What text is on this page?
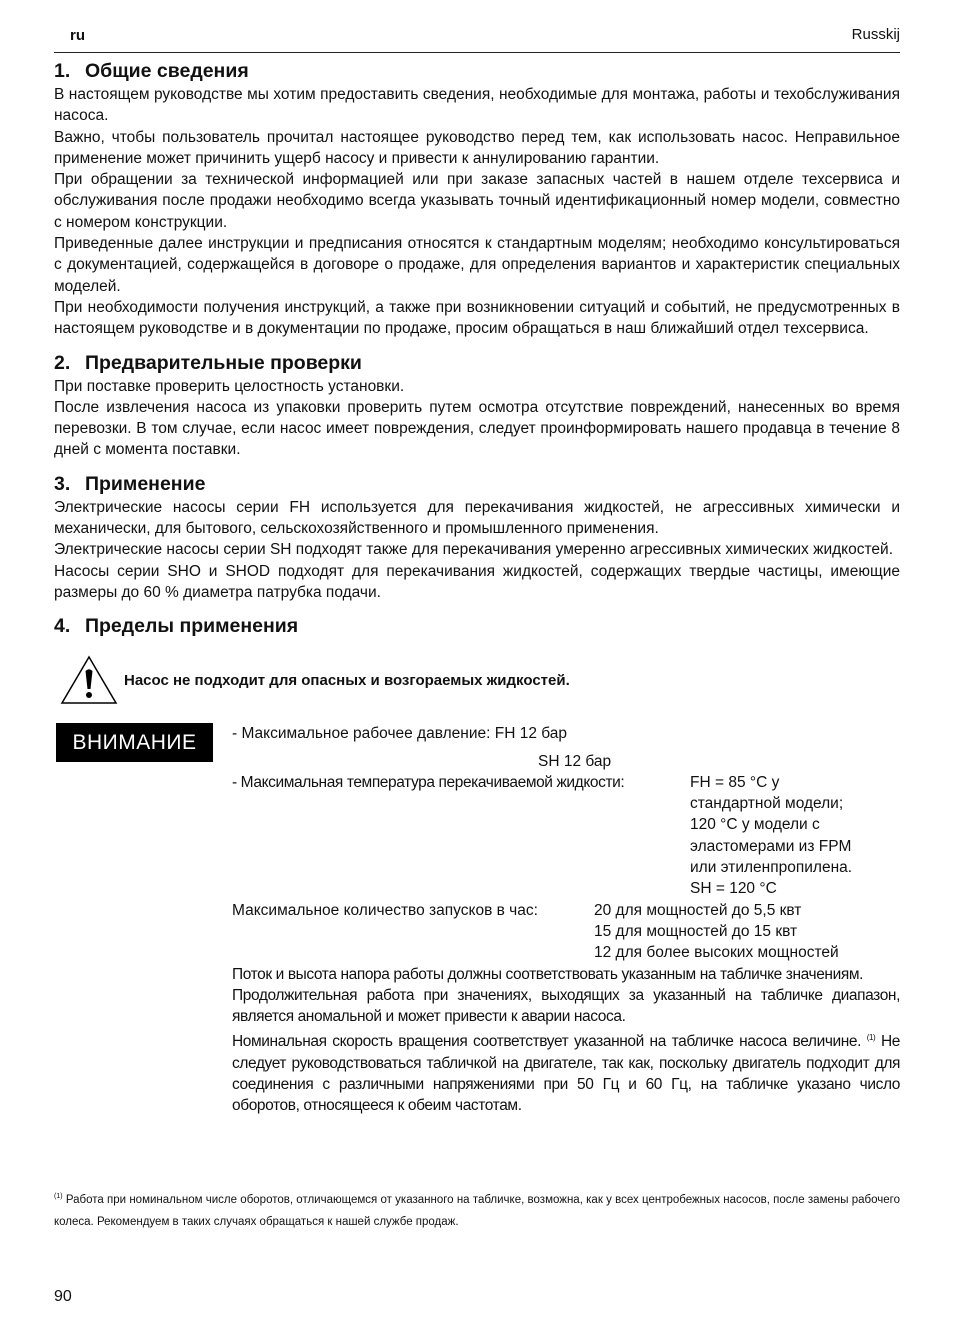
ru	Russkij
1. Общие сведения

В настоящем руководстве мы хотим предоставить сведения, необходимые для монтажа, работы и техобслуживания насоса.

Важно, чтобы пользователь прочитал настоящее руководство перед тем, как использовать насос. Неправильное применение может причинить ущерб насосу и привести к аннулированию гарантии.

При обращении за технической информацией или при заказе запасных частей в нашем отделе техсервиса и обслуживания после продажи необходимо всегда указывать точный идентификационный номер модели, совместно с номером конструкции.

Приведенные далее инструкции и предписания относятся к стандартным моделям; необходимо консультироваться с документацией, содержащейся в договоре о продаже, для определения вариантов и характеристик специальных моделей.

При необходимости получения инструкций, а также при возникновении ситуаций и событий, не предусмотренных в настоящем руководстве и в документации по продаже, просим обращаться в наш ближайший отдел техсервиса.

2. Предварительные проверки

При поставке проверить целостность установки.

После извлечения насоса из упаковки проверить путем осмотра отсутствие повреждений, нанесенных во время перевозки. В том случае, если насос имеет повреждения, следует проинформировать нашего продавца в течение 8 дней с момента поставки.

3. Применение

Электрические насосы серии FH используется для перекачивания жидкостей, не агрессивных химически и механически, для бытового, сельскохозяйственного и промышленного применения.

Электрические насосы серии SH подходят также для перекачивания умеренно агрессивных химических жидкостей.

Насосы серии SHO и SHOD подходят для перекачивания жидкостей, содержащих твердые частицы, имеющие размеры до 60 % диаметра патрубка подачи.

4. Пределы применения
Насос не подходит для опасных и возгораемых жидкостей.
ВНИМАНИЕ	- Максимальное рабочее давление: FH 12 бар
SH 12 бар
- Максимальная температура перекачиваемой жидкости:	FH = 85 °C у
стандартной модели;
120 °C у модели с
эластомерами из FPM
или этиленпропилена.
SH = 120 °C
Максимальное количество запусков в час:	20 для мощностей до 5,5 квт
15 для мощностей до 15 квт
12 для более высоких мощностей

Поток и высота напора работы должны соответствовать указанным на табличке значениям.

Продолжительная работа при значениях, выходящих за указанный на табличке диапазон, является аномальной и может привести к аварии насоса.

Номинальная скорость вращения соответствует указанной на табличке насоса величине. $^{(1)}$ Не следует руководствоваться табличкой на двигателе, так как, поскольку двигатель подходит для соединения с различными напряжениями при 50 Гц и 60 Гц, на табличке указано число оборотов, относящееся к обеим частотам.

$^{(1)}$ Работа при номинальном числе оборотов, отличающемся от указанного на табличке, возможна, как у всех центробежных насосов, после замены рабочего колеса. Рекомендуем в таких случаях обращаться к нашей службе продаж.
90
